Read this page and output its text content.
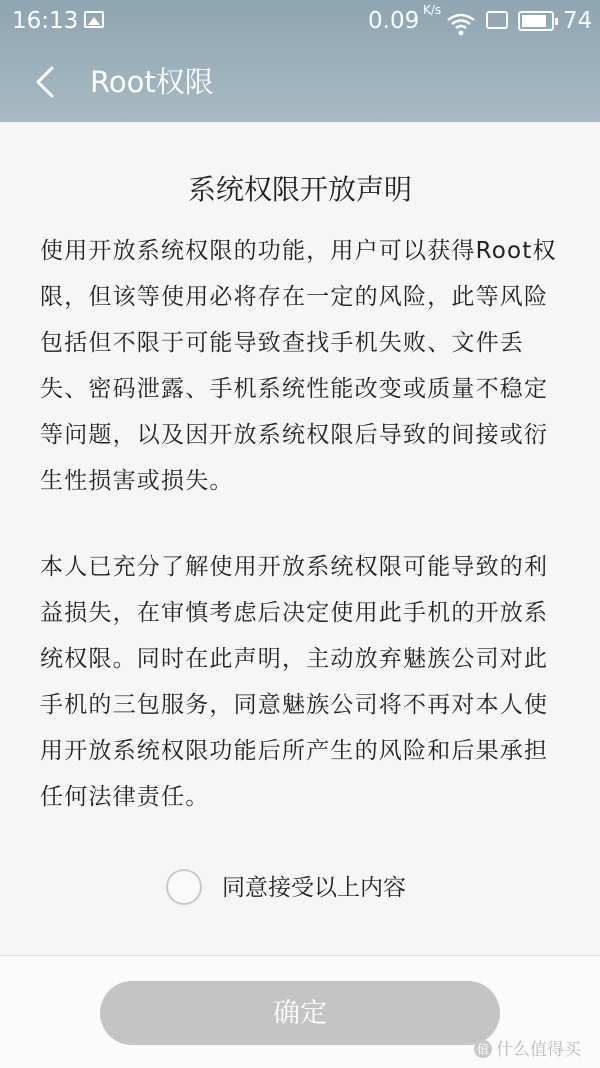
16:13	0.09 K/s	74
Root权限
系统权限开放声明
使用开放系统权限的功能，用户可以获得Root权限，但该等使用必将存在一定的风险，此等风险包括但不限于可能导致查找手机失败、文件丢失、密码泄露、手机系统性能改变或质量不稳定等问题，以及因开放系统权限后导致的间接或衍生性损害或损失。
本人已充分了解使用开放系统权限可能导致的利益损失，在审慎考虑后决定使用此手机的开放系统权限。同时在此声明，主动放弃魅族公司对此手机的三包服务，同意魅族公司将不再对本人使用开放系统权限功能后所产生的风险和后果承担任何法律责任。
同意接受以上内容
确定
值 什么值得买
